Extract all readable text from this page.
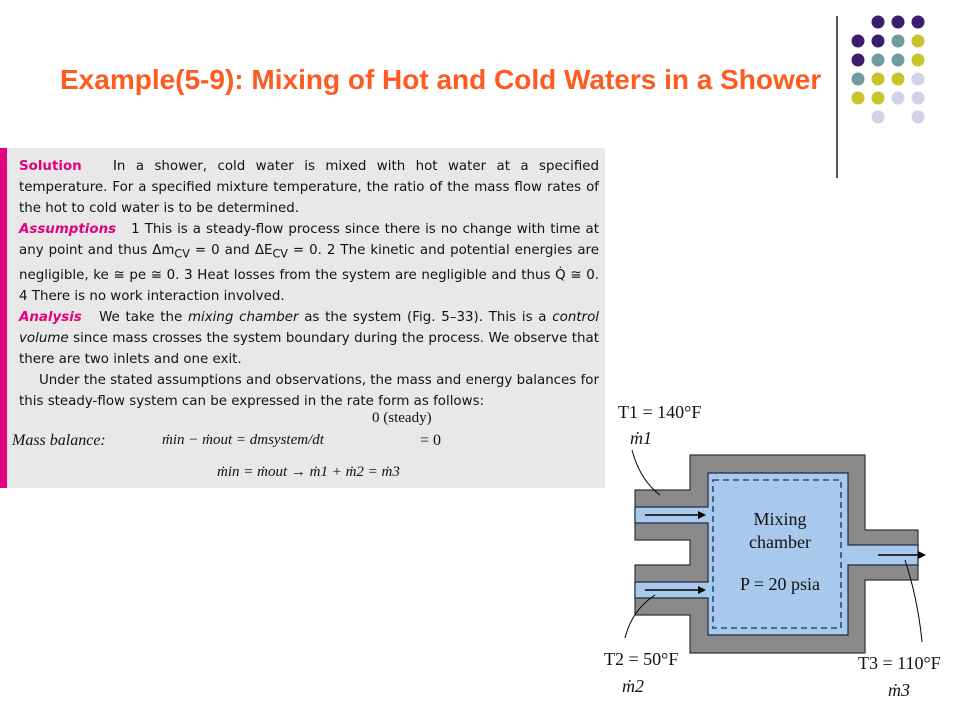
Example(5-9): Mixing of Hot and Cold Waters in a Shower

Solution In a shower, cold water is mixed with hot water at a specified temperature. For a specified mixture temperature, the ratio of the mass flow rates of the hot to cold water is to be determined.

Assumptions 1 This is a steady-flow process since there is no change with time at any point and thus $\Delta m_{CV} = 0$ and $\Delta E_{CV} = 0$. 2 The kinetic and potential energies are negligible, ke ≅ pe ≅ 0. 3 Heat losses from the system are negligible and thus Q̇ ≅ 0. 4 There is no work interaction involved.

Analysis We take the mixing chamber as the system (Fig. 5–33). This is a control volume since mass crosses the system boundary during the process. We observe that there are two inlets and one exit.

Under the stated assumptions and observations, the mass and energy balances for this steady-flow system can be expressed in the rate form as follows:

Mass balance:
0 (steady)
ṁin − ṁout = dmsystem/dt	= 0
ṁin = ṁout → ṁ1 + ṁ2 = ṁ3
T1 = 140°F
ṁ1
T2 = 50°F
ṁ2
T3 = 110°F
ṁ3
Mixing
chamber
P = 20 psia
